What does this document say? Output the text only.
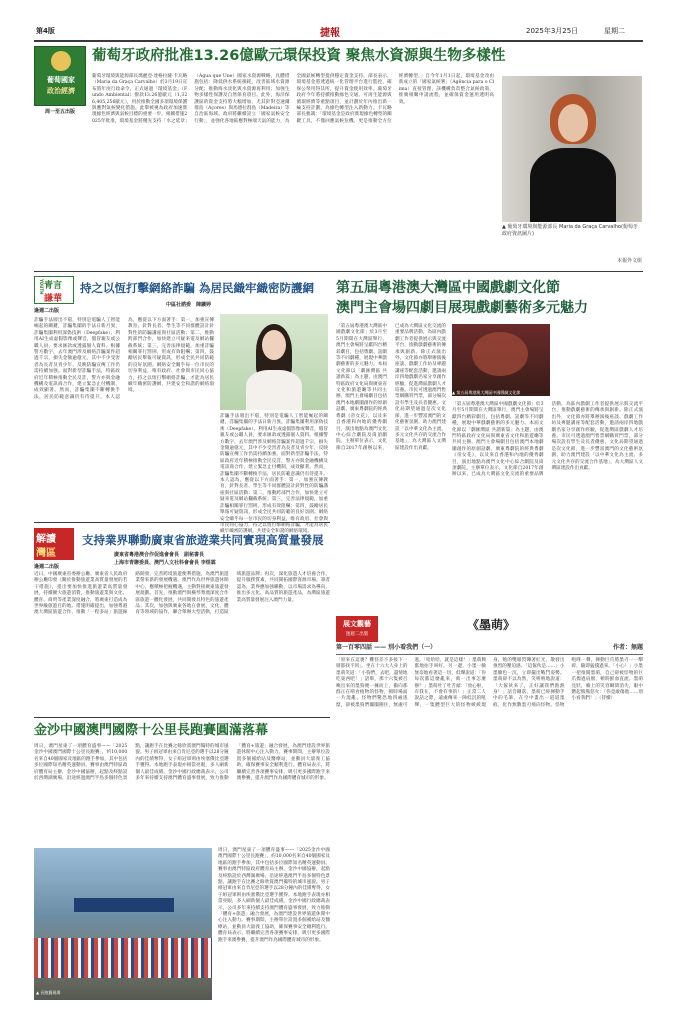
第4版	捷報	2025年3月25日	星期二
葡萄國家
政治經濟
周一至五出版
葡萄牙政府批准13.26億歐元環保投資 聚焦水資源與生物多樣性
葡萄牙環境與能源部長瑪麗亞·達格拉薩·卡瓦略（Maria da Graça Carvalho）於3月19日宣布將年度行政命令，正式通過「環境基金」（Fundo Ambiental）撥款13.26億歐元（1,326,405,256歐元），用於推動全國多項環境保護與應對氣候變化措施。此舉被視為政府加速實現綠色經濟與氣候目標的重要一步。相關措施2025年批准，環境基金將優先支持「水之延章」（Água que Une）國家水資源戰略，具體措施包括：降低供水系統損耗，改善區域水資源分配；推動海水淡化與水資源再利用；加強生物多樣性保護及自然保育項目。此外，海洋保護區的資金支持將大幅增加，尤其針對亞速爾群島（Açores）與馬德拉群島（Madeira）等自治區海域。政府將繼續設立「國家氣候安全行動」，並強化各地區應對極端天氣的能力，為全國氣候轉型提供穩定資金支持。部長表示，環境基金將透過統一化管理平台進行監控，確保公帑用得其所，提升資金使用效率。葡萄牙政府今年將持續推動綠色交通、可再生能源與循環經濟等重點項目，並計劃於年內推出新一輪支持計劃，為綠色轉型注入新動力。卡瓦略部長強調：「環境基金是政府實現綠色轉型的關鍵工具，不僅回應氣候危機，更是推動全方位經濟轉型。」自今年1月1日起，環境基金改由新成立的「國家氣候署」（Agência para o Clima）直接管理，該機構負責整合氣候政策、推廣相關申請流程，並確保資金運用透明高效。
▲ 葡萄牙環境與能源部長 Maria da Graça Carvalho(葡萄牙政府資訊圖片)
本報外文組
YOUTH 青言
謙華
逢週二出版
持之以恆打擊網絡詐騙 為居民織牢織密防護網
中區社諮委　陳鑛婷
詐騙手法層出不窮，特別是電騙人工智能崛起的關鍵，詐騙集團的手法日新月異，詐騙集團利用深偽技術（Deepfake）、利用AI生成虛假影像或聲音，假冒親友或公職人員，要求匯款或透露個人資料。根據警方數字，去年澳門涉及網絡詐騙案件超過千宗，損失金額逾億元，其中不少受害者為長者及青少年，反映防騙宣傳工作仍需持續加強。面對新型詐騙手法，特區政府近年積極推動全民反詐，警方亦與金融機構及電訊商合作，建立緊急止付機制，成效顯著。然而，詐騙集團不斷轉換手法，居民防範意識仍有待提升。本人認為，應從以下方面著手：第一，加強宣傳教育，針對長者、學生等不同群體設計針對性的防騙講座與社區活動；第二，推動跨部門合作，加快建立可疑來電及網站攔截系統；第三，完善法律規範，加重詐騙相關罪行罰則，形成有效阻嚇；第四，鼓勵居民舉報可疑資訊，形成全民共同防範的良好氛圍。網絡安全關乎每一位市民的切身利益，唯有政府、社會與市民同心協力，持之以恆打擊網絡詐騙，才能為居民織牢織密防護網，共建安全和諧的網絡環境。
詐騙手法層出不窮，特別是電騙人工智能崛起的關鍵，詐騙集團的手法日新月異，詐騙集團利用深偽技術（Deepfake）、利用AI生成虛假影像或聲音，假冒親友或公職人員，要求匯款或透露個人資料。根據警方數字，去年澳門涉及網絡詐騙案件超過千宗，損失金額逾億元，其中不少受害者為長者及青少年，反映防騙宣傳工作仍需持續加強。面對新型詐騙手法，特區政府近年積極推動全民反詐，警方亦與金融機構及電訊商合作，建立緊急止付機制，成效顯著。然而，詐騙集團不斷轉換手法，居民防範意識仍有待提升。本人認為，應從以下方面著手：第一，加強宣傳教育，針對長者、學生等不同群體設計針對性的防騙講座與社區活動；第二，推動跨部門合作，加快建立可疑來電及網站攔截系統；第三，完善法律規範，加重詐騙相關罪行罰則，形成有效阻嚇；第四，鼓勵居民舉報可疑資訊，形成全民共同防範的良好氛圍。網絡安全關乎每一位市民的切身利益，唯有政府、社會與市民同心協力，持之以恆打擊網絡詐騙，才能為居民織牢織密防護網，共建安全和諧的網絡環境。
第五屆粵港澳大灣區中國戲劇文化節
澳門主會場四劇目展現戲劇藝術多元魅力
「第五屆粵港澳大灣區中國戲劇文化節」於3月至5月期間在大灣區舉行，澳門主會場將呈獻四台精彩劇目，包括粵劇、話劇等不同劇種，展現中華戲劇藝術的多元魅力。本屆文化節以「劇匯灣區 共譜新篇」為主題，由澳門特區政府文化局與廣東省文化和旅遊廳等共同主辦。澳門主會場劇目包括澳門本地劇團創作的原創話劇、廣東粵劇院的經典粵劇《帝女花》，以及來自香港和內地的優秀劇目，演出地點為澳門文化中心綜合劇院及崗頂劇院。主辦單位表示，文化節自2017年創辦以來，已成為大灣區文化交流的重要品牌活動，為區內戲劇工作者提供展示與交流平台，推動戲劇藝術的傳承與創新。除正式演出外，文化節亦將舉辦演後座談、戲劇工作坊及專題講座等配套活動，邀請兩岸四地戲劇名家分享創作經驗，促進灣區戲劇人才培養。市民可透過澳門售票網購買門票，部分場次設有學生及長者優惠。文化局期望通過是次文化節，進一步豐富澳門的文化藝術氛圍，助力澳門建設「以中華文化為主流、多元文化共存的交流合作基地」，為大灣區人文灣區建設作出貢獻。
▲ 第五屆粵港澳大灣區中國戲劇文化節
「第五屆粵港澳大灣區中國戲劇文化節」於3月至5月期間在大灣區舉行，澳門主會場將呈獻四台精彩劇目，包括粵劇、話劇等不同劇種，展現中華戲劇藝術的多元魅力。本屆文化節以「劇匯灣區 共譜新篇」為主題，由澳門特區政府文化局與廣東省文化和旅遊廳等共同主辦。澳門主會場劇目包括澳門本地劇團創作的原創話劇、廣東粵劇院的經典粵劇《帝女花》，以及來自香港和內地的優秀劇目，演出地點為澳門文化中心綜合劇院及崗頂劇院。主辦單位表示，文化節自2017年創辦以來，已成為大灣區文化交流的重要品牌活動，為區內戲劇工作者提供展示與交流平台，推動戲劇藝術的傳承與創新。除正式演出外，文化節亦將舉辦演後座談、戲劇工作坊及專題講座等配套活動，邀請兩岸四地戲劇名家分享創作經驗，促進灣區戲劇人才培養。市民可透過澳門售票網購買門票，部分場次設有學生及長者優惠。文化局期望通過是次文化節，進一步豐富澳門的文化藝術氛圍，助力澳門建設「以中華文化為主流、多元文化共存的交流合作基地」，為大灣區人文灣區建設作出貢獻。
解讀
灣區
逢週二出版
支持業界聯動廣東省旅遊業共同實現高質量發展
廣東省粵港澳合作促進會會長　副秘書長
上海市青聯委員、澳門人文社科會會長 李煜霖
近日，中國廣東省委辦公廳、廣東省人民政府辦公廳印發《關於推動旅遊業高質量發展的若干措施》，提出要加快推進旅遊業高質量發展，持續擴大旅遊消費，推動旅遊業與文化、體育、商貿等產業深度融合，將廣東打造成為世界級旅遊目的地。措施明確提出，加強粵港澳大灣區旅遊合作，推動「一程多站」旅遊線路開發，完善跨境旅遊便利措施，為澳門旅遊業帶來新的發展機遇。澳門作為世界旅遊休閒中心，應積極把握機遇，主動對接廣東旅遊發展規劃。首先，推動澳門與橫琴粵澳深度合作區旅遊一體化發展，共同開發具特色的旅遊產品；其次，加強與廣東各地在會展、文化、體育等領域的協作，聯合舉辦大型活動，打造區域旅遊品牌；再次，深化旅遊人才培養合作，提升服務質素，共同開拓國際客源市場。筆者認為，業界應加強聯動，以市場需求為導向，推出多元化、高品質的旅遊產品，為灣區旅遊業高質量發展注入澳門力量。
金沙中國澳門國際十公里長跑賽圓滿落幕
周日，澳門星東了一項體育盛事——「2025金沙中國澳門國際十公里長跑賽」，約10,000名來自40個國家及地區的跑手參加，其中包括多位國際知名精英運動員。賽事由澳門特區政府體育局主辦，金沙中國協辦，起點及終點設於西灣湖廣場，沿途經過澳門半島多個特色景點，讓跑手在比賽之餘欣賞澳門獨特的城市風貌。男子組冠軍由來自肯尼亞的選手以28分鐘內的佳績奪得，女子組冠軍則由埃塞俄比亞選手獲得。本地跑手表現亦相當亮眼，多人刷新個人最佳成績。金沙中國行政總裁表示，公司多年來持續支持澳門體育盛事發展，致力推動「體育+旅遊」融合發展，為澳門建設世界旅遊休閒中心注入動力。賽事期間，主辦單位設置多個補給站及醫療站，並動員大量義工協助，確保賽事安全順利進行。體育局表示，將繼續完善各項賽事安排，吸引更多國際跑手來澳參賽，提升澳門作為國際體育城市的形象。
▲ 長跑賽現場
周日，澳門星東了一項體育盛事——「2025金沙中國澳門國際十公里長跑賽」，約10,000名來自40個國家及地區的跑手參加，其中包括多位國際知名精英運動員。賽事由澳門特區政府體育局主辦，金沙中國協辦，起點及終點設於西灣湖廣場，沿途經過澳門半島多個特色景點，讓跑手在比賽之餘欣賞澳門獨特的城市風貌。男子組冠軍由來自肯尼亞的選手以28分鐘內的佳績奪得，女子組冠軍則由埃塞俄比亞選手獲得。本地跑手表現亦相當亮眼，多人刷新個人最佳成績。金沙中國行政總裁表示，公司多年來持續支持澳門體育盛事發展，致力推動「體育+旅遊」融合發展，為澳門建設世界旅遊休閒中心注入動力。賽事期間，主辦單位設置多個補給站及醫療站，並動員大量義工協助，確保賽事安全順利進行。體育局表示，將繼續完善各項賽事安排，吸引更多國際跑手來澳參賽，提升澳門作為國際體育城市的形象。
展文觀藝
逢週二出版
《墨萌》
第一百零四話 —— 別小看我們（一）	作者：無題
「原來在這裏？難怪差不多接下一層都找不到」。坐在十六大人身上的墨萌笑道：「小狗們，去吧，盡情地吃東西吧！」語畢，那十六隻被召喚出來的墨狗便一擁而上，衝向那群正在啃食植物的怪物，頓時場面一片混亂。怪物們驚恐地四處逃竄，卻被墨狗們團團圍住，無處可逃。「哈哈哈，就是這樣！」墨萌興奮地拍手叫好。另一邊，小墨一臉無奈地看著這一切，低聲說道：「你每次都這麼亂來，萬一出事怎麼辦？」墨萌吐了吐舌頭：「放心啦，有我在，不會有事的！」正當二人說話之際，遠處傳來一陣低沉的吼聲，一隻體型巨大的怪物緩緩現身，牠的雙眼閃爍著紅光，散發出強烈的壓迫感。「這傢伙是……」小墨臉色一沉，立即擺出戰鬥姿勢。墨萌卻不以為然，笑嘻嘻地說道：「大傢伙來了，正好讓我們熱熱身！」話音剛落，墨萌已經揮動手中的毛筆，在空中畫出一道道墨痕，化作無數墨刃飛向怪物。怪物咆哮一聲，揮動巨爪將墨刃一一擊碎，隨即猛撲過來。「小心！」小墨一把推開墨萌，自己卻被怪物的巨爪擦過肩膀，頓時鮮血直流。墨萌見狀，臉上的笑容瞬間消失，眼中燃起熊熊怒火：「你竟敢傷他……別小看我們！」（待續）
